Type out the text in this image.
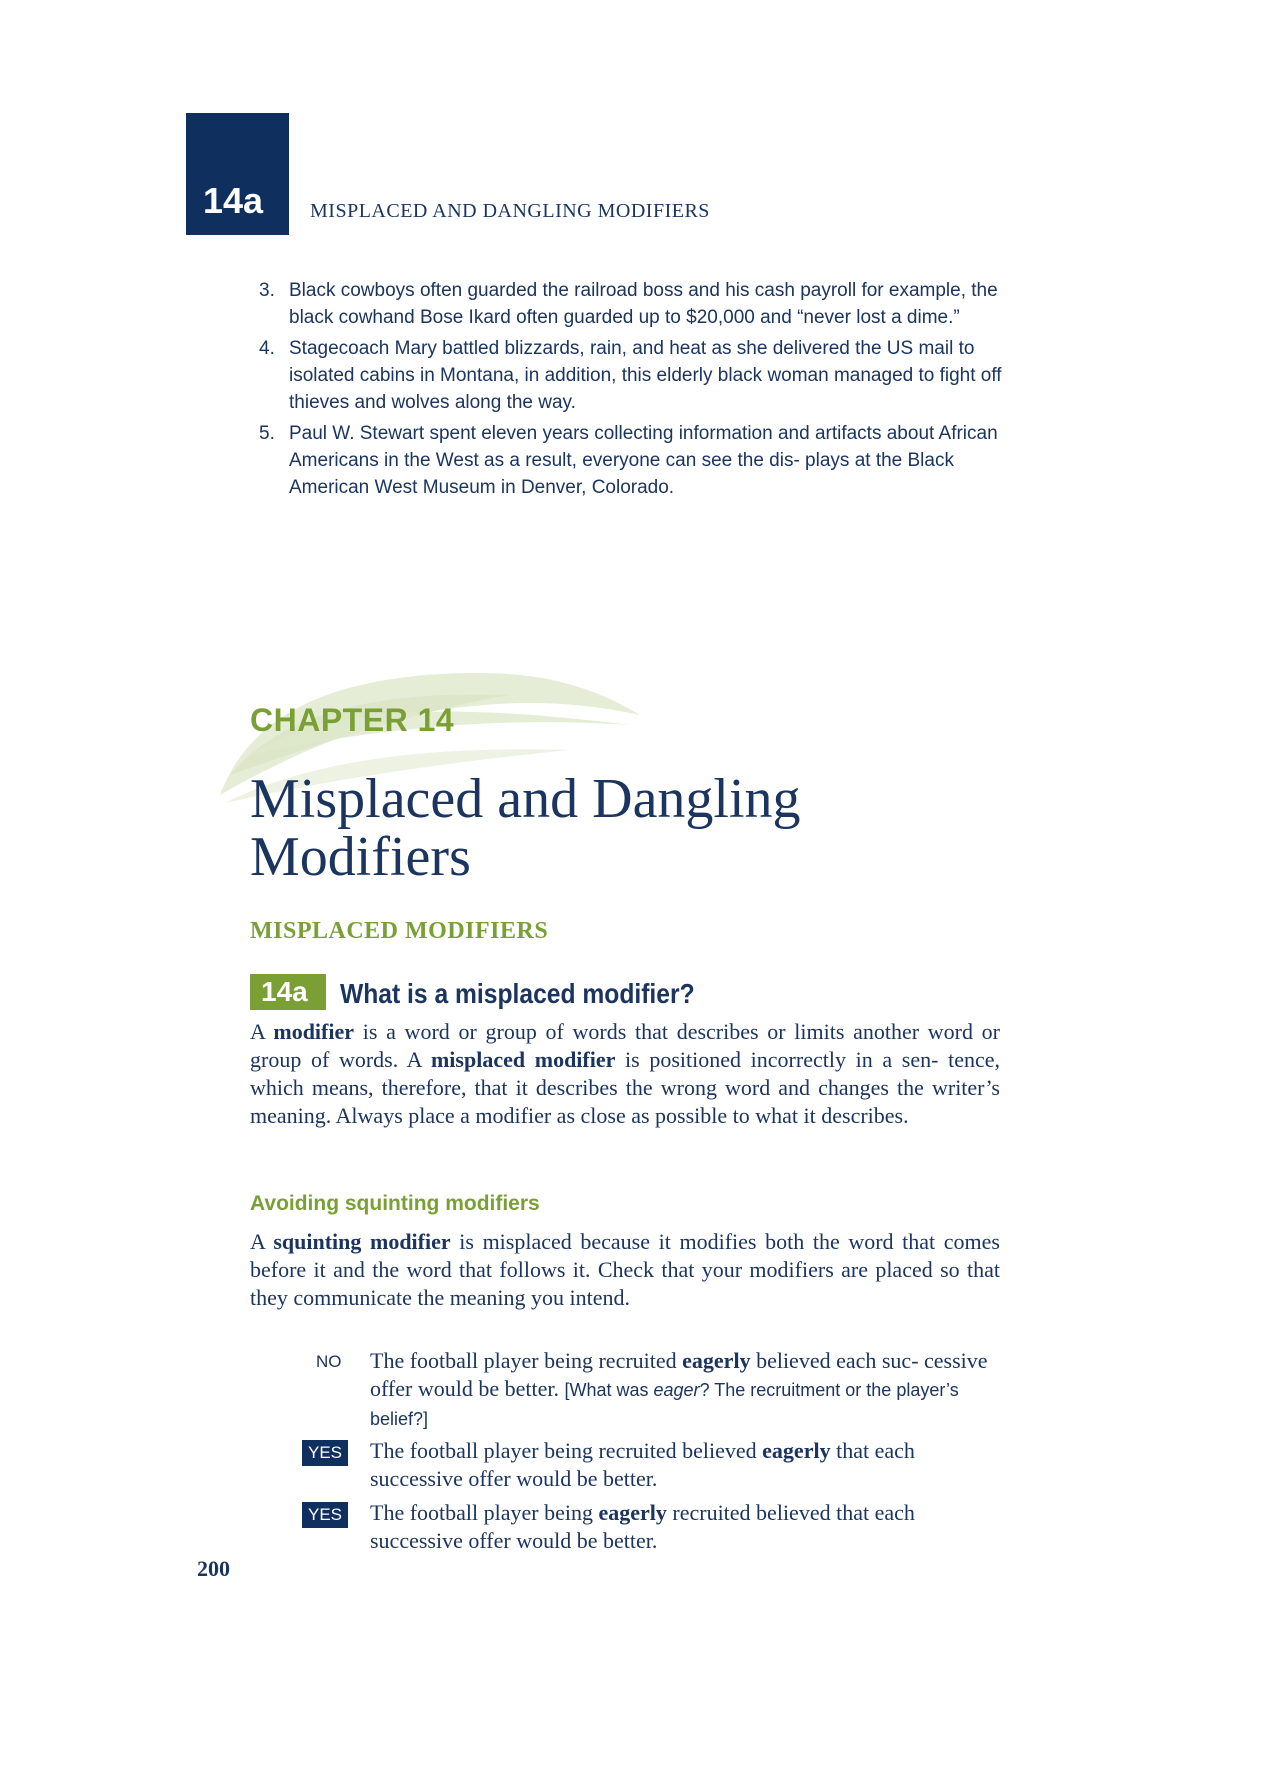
14a MISPLACED AND DANGLING MODIFIERS
3. Black cowboys often guarded the railroad boss and his cash payroll for example, the black cowhand Bose Ikard often guarded up to $20,000 and “never lost a dime.”
4. Stagecoach Mary battled blizzards, rain, and heat as she delivered the US mail to isolated cabins in Montana, in addition, this elderly black woman managed to fight off thieves and wolves along the way.
5. Paul W. Stewart spent eleven years collecting information and artifacts about African Americans in the West as a result, everyone can see the dis- plays at the Black American West Museum in Denver, Colorado.
CHAPTER 14
Misplaced and Dangling
Modifiers
MISPLACED MODIFIERS
14a What is a misplaced modifier?
A modifier is a word or group of words that describes or limits another word or group of words. A misplaced modifier is positioned incorrectly in a sen- tence, which means, therefore, that it describes the wrong word and changes the writer’s meaning. Always place a modifier as close as possible to what it describes.
Avoiding squinting modifiers
A squinting modifier is misplaced because it modifies both the word that comes before it and the word that follows it. Check that your modifiers are placed so that they communicate the meaning you intend.
NO The football player being recruited eagerly believed each suc- cessive offer would be better. [What was eager? The recruitment or the player’s belief?]
YES The football player being recruited believed eagerly that each successive offer would be better.
YES The football player being eagerly recruited believed that each successive offer would be better.
200
